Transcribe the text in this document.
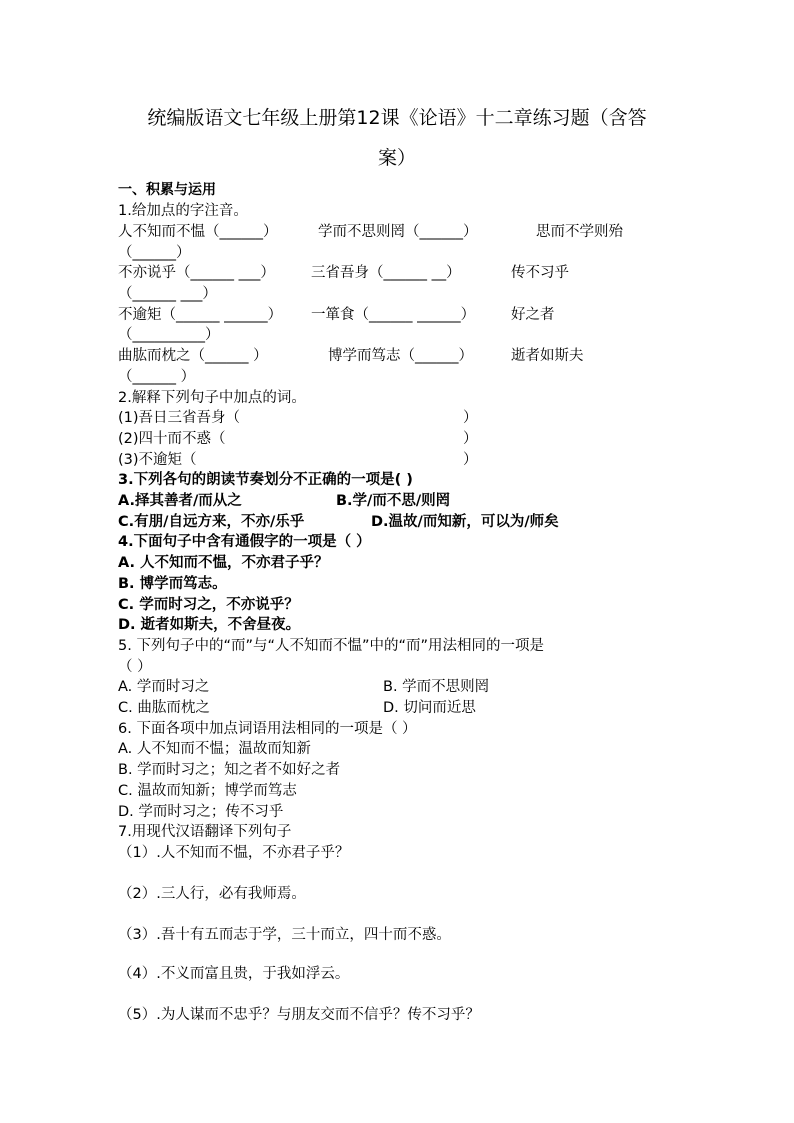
统编版语文七年级上册第12课《论语》十二章练习题（含答
案）
一、积累与运用
1.给加点的字注音。
人不知而不愠（______）	学而不思则罔（______）	思而不学则殆
（______）
不亦说乎（______ ___） 三省吾身（______ __）	传不习乎
（______ ___）
不逾矩（______ ______） 一箪食（______ ______） 好之者
（__________）
曲肱而枕之（______ ）	博学而笃志（______）	逝者如斯夫
（______ ）
2.解释下列句子中加点的词。
(1)吾日三省吾身（	）
(2)四十而不惑（	）
(3)不逾矩（	）
3.下列各句的朗读节奏划分不正确的一项是( )
A.择其善者/而从之	B.学/而不思/则罔
C.有朋/自远方来，不亦/乐乎	D.温故/而知新，可以为/师矣
4.下面句子中含有通假字的一项是（ ）
A. 人不知而不愠，不亦君子乎？
B. 博学而笃志。
C. 学而时习之，不亦说乎？
D. 逝者如斯夫，不舍昼夜。
5. 下列句子中的“而”与“人不知而不愠”中的“而”用法相同的一项是
（ ）
A. 学而时习之	B. 学而不思则罔
C. 曲肱而枕之	D. 切问而近思
6. 下面各项中加点词语用法相同的一项是（ ）
A. 人不知而不愠；温故而知新
B. 学而时习之；知之者不如好之者
C. 温故而知新；博学而笃志
D. 学而时习之；传不习乎
7.用现代汉语翻译下列句子
（1）.人不知而不愠，不亦君子乎？
（2）.三人行，必有我师焉。
（3）.吾十有五而志于学，三十而立，四十而不惑。
（4）.不义而富且贵，于我如浮云。
（5）.为人谋而不忠乎？与朋友交而不信乎？传不习乎？
